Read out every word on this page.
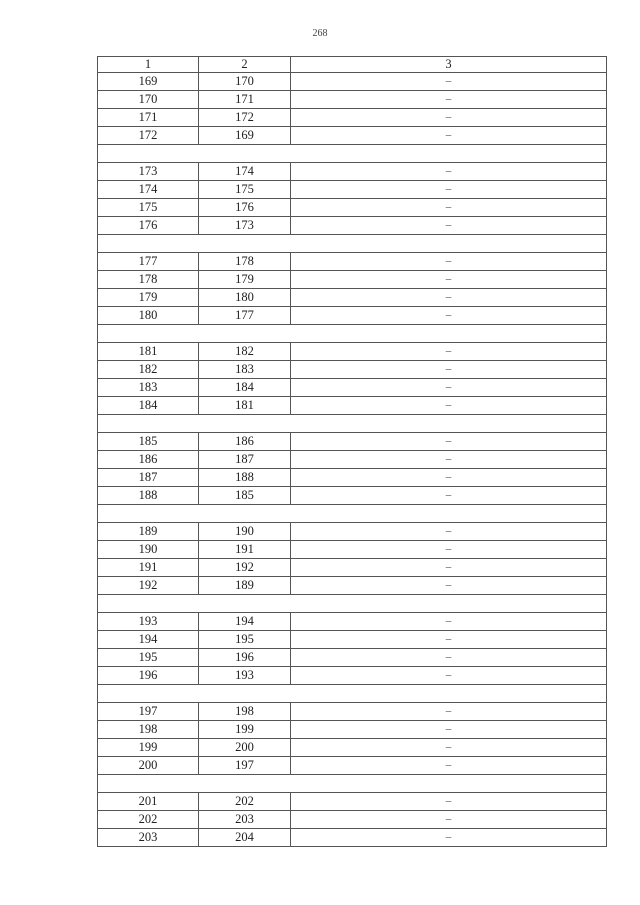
268
1	2	3
169	170	–
170	171	–
171	172	–
172	169	–

173	174	–
174	175	–
175	176	–
176	173	–

177	178	–
178	179	–
179	180	–
180	177	–

181	182	–
182	183	–
183	184	–
184	181	–

185	186	–
186	187	–
187	188	–
188	185	–

189	190	–
190	191	–
191	192	–
192	189	–

193	194	–
194	195	–
195	196	–
196	193	–

197	198	–
198	199	–
199	200	–
200	197	–

201	202	–
202	203	–
203	204	–
